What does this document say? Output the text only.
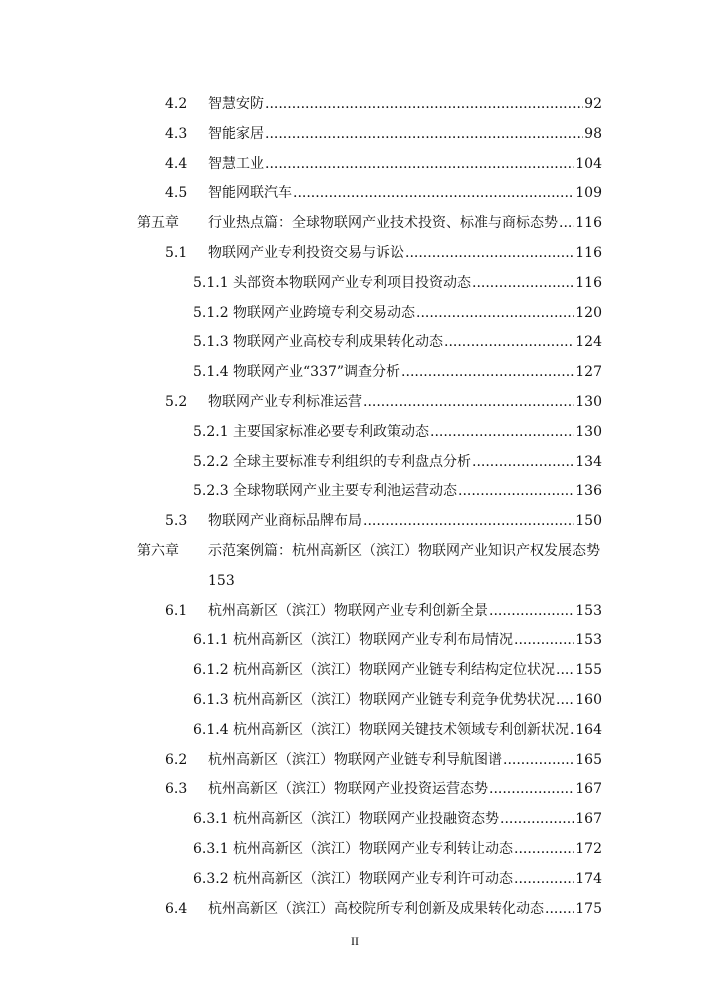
4.2 智慧安防 .....	92
4.3 智能家居 .....	98
4.4 智慧工业 .....	104
4.5 智能网联汽车 .....	109
第五章 行业热点篇：全球物联网产业技术投资、标准与商标态势 ..... 116
5.1 物联网产业专利投资交易与诉讼 .....	116
5.1.1 头部资本物联网产业专利项目投资动态 .....	116
5.1.2 物联网产业跨境专利交易动态 .....	120
5.1.3 物联网产业高校专利成果转化动态 .....	124
5.1.4 物联网产业“337”调查分析 .....	127
5.2 物联网产业专利标准运营 .....	130
5.2.1 主要国家标准必要专利政策动态 .....	130
5.2.2 全球主要标准专利组织的专利盘点分析 .....	134
5.2.3 全球物联网产业主要专利池运营动态 .....	136
5.3 物联网产业商标品牌布局 .....	150
第六章 示范案例篇：杭州高新区（滨江）物联网产业知识产权发展态势
153
6.1 杭州高新区（滨江）物联网产业专利创新全景 .....	153
6.1.1 杭州高新区（滨江）物联网产业专利布局情况 .....	153
6.1.2 杭州高新区（滨江）物联网产业链专利结构定位状况 ..... 155
6.1.3 杭州高新区（滨江）物联网产业链专利竞争优势状况 ..... 160
6.1.4 杭州高新区（滨江）物联网关键技术领域专利创新状况 ..... 164
6.2 杭州高新区（滨江）物联网产业链专利导航图谱 .....	165
6.3 杭州高新区（滨江）物联网产业投资运营态势 .....	167
6.3.1 杭州高新区（滨江）物联网产业投融资态势 .....	167
6.3.1 杭州高新区（滨江）物联网产业专利转让动态 .....	172
6.3.2 杭州高新区（滨江）物联网产业专利许可动态 .....	174
6.4 杭州高新区（滨江）高校院所专利创新及成果转化动态 ..... 175
II
